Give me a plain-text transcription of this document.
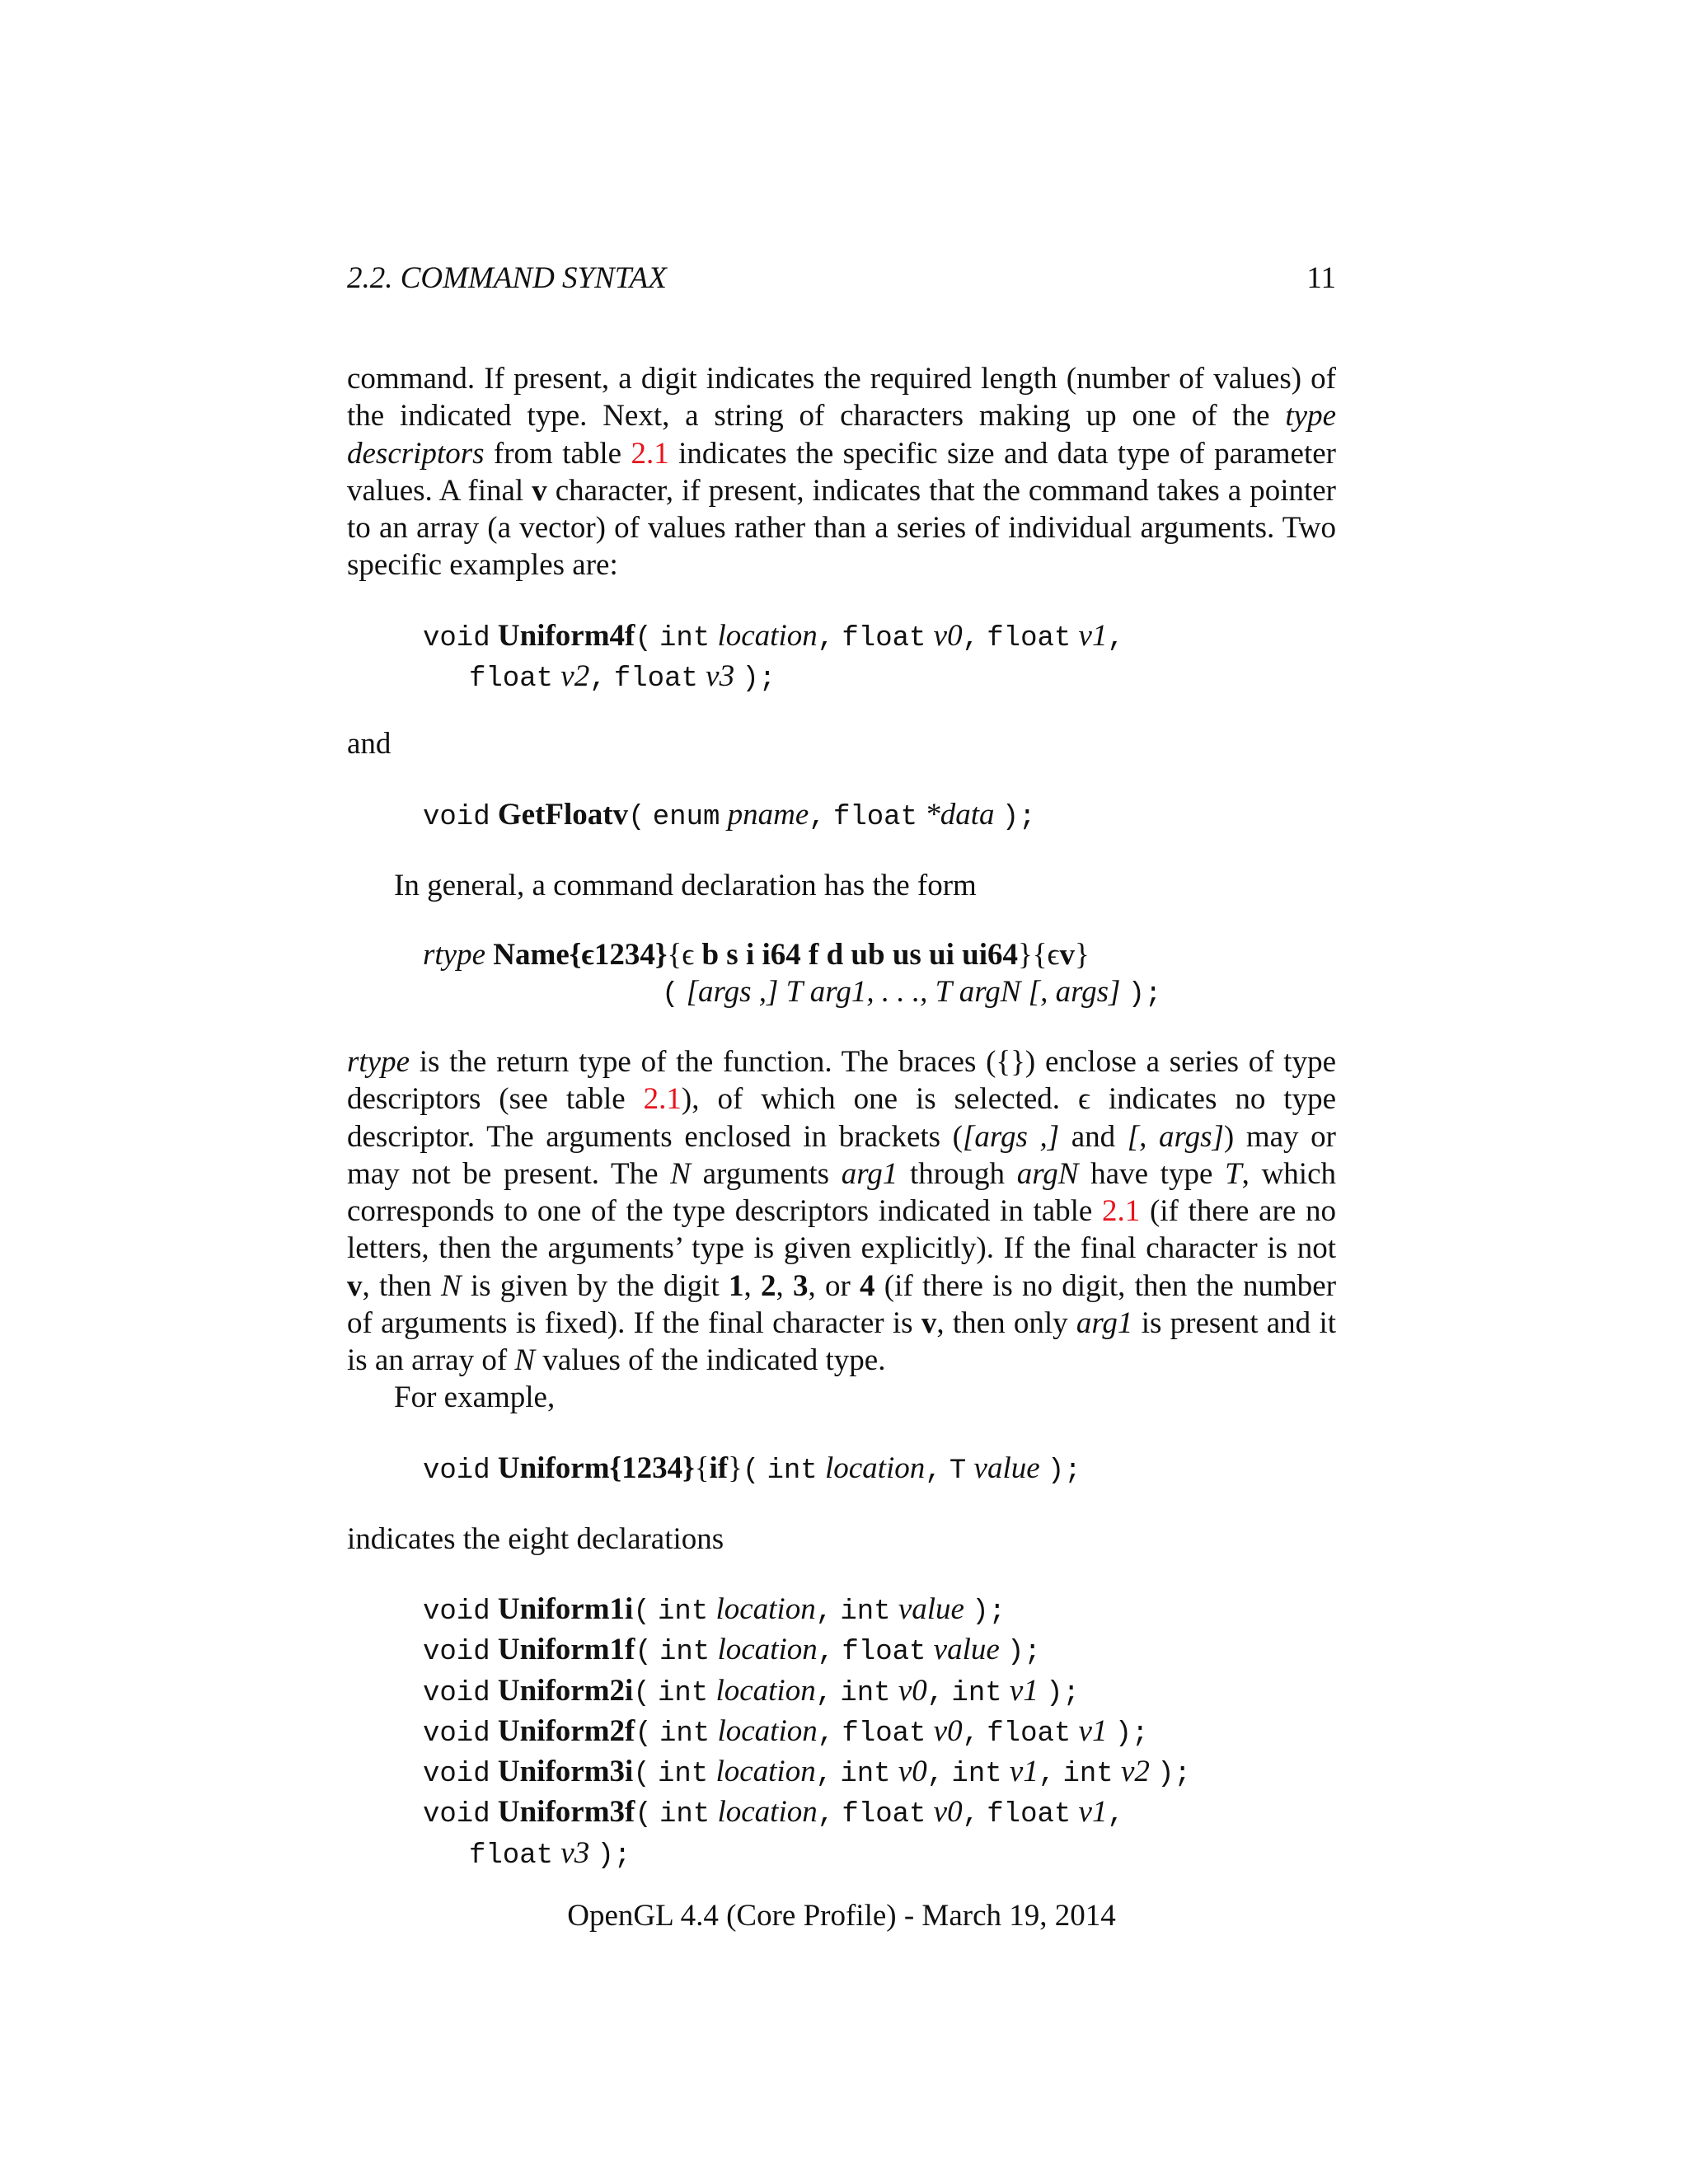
2.2. COMMAND SYNTAX	11

command. If present, a digit indicates the required length (number of values) of the indicated type. Next, a string of characters making up one of the type descriptors from table 2.1 indicates the specific size and data type of parameter values. A final v character, if present, indicates that the command takes a pointer to an array (a vector) of values rather than a series of individual arguments. Two specific examples are:

void Uniform4f( int location, float v0, float v1,
float v2, float v3 );

and

void GetFloatv( enum pname, float *data );

In general, a command declaration has the form

rtype Name{ϵ1234}{ϵ b s i i64 f d ub us ui ui64}{ϵv}
( [args ,] T arg1, . . ., T argN [, args] );

rtype is the return type of the function. The braces ({}) enclose a series of type descriptors (see table 2.1), of which one is selected. ϵ indicates no type descriptor. The arguments enclosed in brackets ([args ,] and [, args]) may or may not be present. The N arguments arg1 through argN have type T, which corresponds to one of the type descriptors indicated in table 2.1 (if there are no letters, then the arguments’ type is given explicitly). If the final character is not v, then N is given by the digit 1, 2, 3, or 4 (if there is no digit, then the number of arguments is fixed). If the final character is v, then only arg1 is present and it is an array of N values of the indicated type.

For example,

void Uniform{1234}{if}( int location, T value );

indicates the eight declarations

void Uniform1i( int location, int value );
void Uniform1f( int location, float value );
void Uniform2i( int location, int v0, int v1 );
void Uniform2f( int location, float v0, float v1 );
void Uniform3i( int location, int v0, int v1, int v2 );
void Uniform3f( int location, float v0, float v1,
float v3 );
OpenGL 4.4 (Core Profile) - March 19, 2014
